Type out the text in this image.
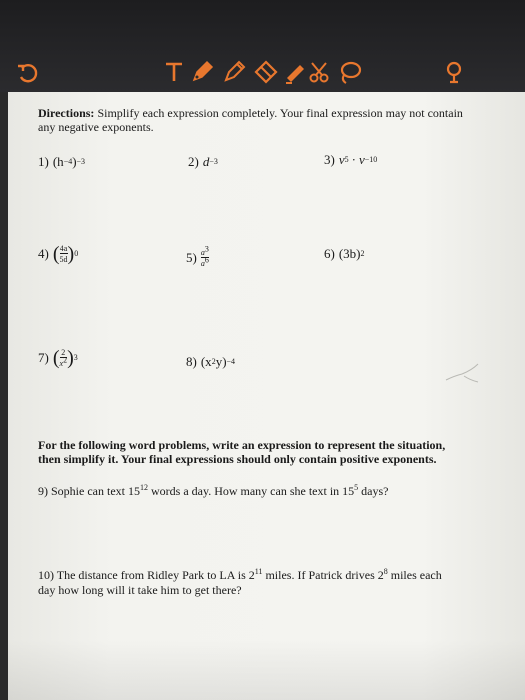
Directions: Simplify each expression completely. Your final expression may not contain any negative exponents.
1) (h −4 ) −3	2) d −3	3) v 5 · v −10
4) ( $\frac{4a}{5d}$ ) 0	$5) \frac{a^3}{a^6}$	6) (3b) 2
7) ( $\frac{2}{x^2}$ ) 3	8) (x 2 y) −4
For the following word problems, write an expression to represent the situation, then simplify it. Your final expressions should only contain positive exponents.
9) Sophie can text $15^{12}$ words a day. How many can she text in $15^5$ days?
10) The distance from Ridley Park to LA is $2^{11}$ miles. If Patrick drives $2^8$ miles each day how long will it take him to get there?
